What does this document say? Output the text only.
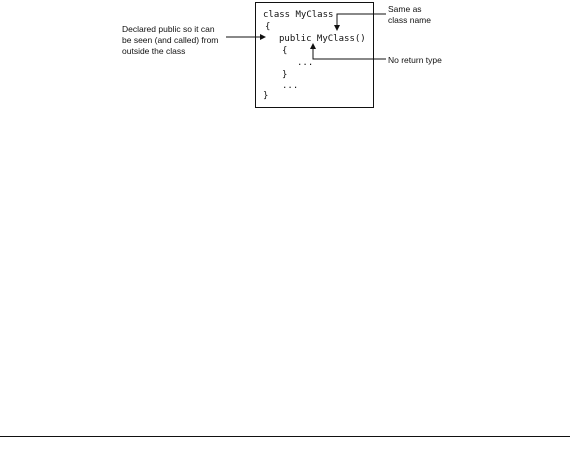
class MyClass
{
public MyClass()
{
...
}
...
}
Declared public so it can
be seen (and called) from
outside the class
Same as
class name
No return type
